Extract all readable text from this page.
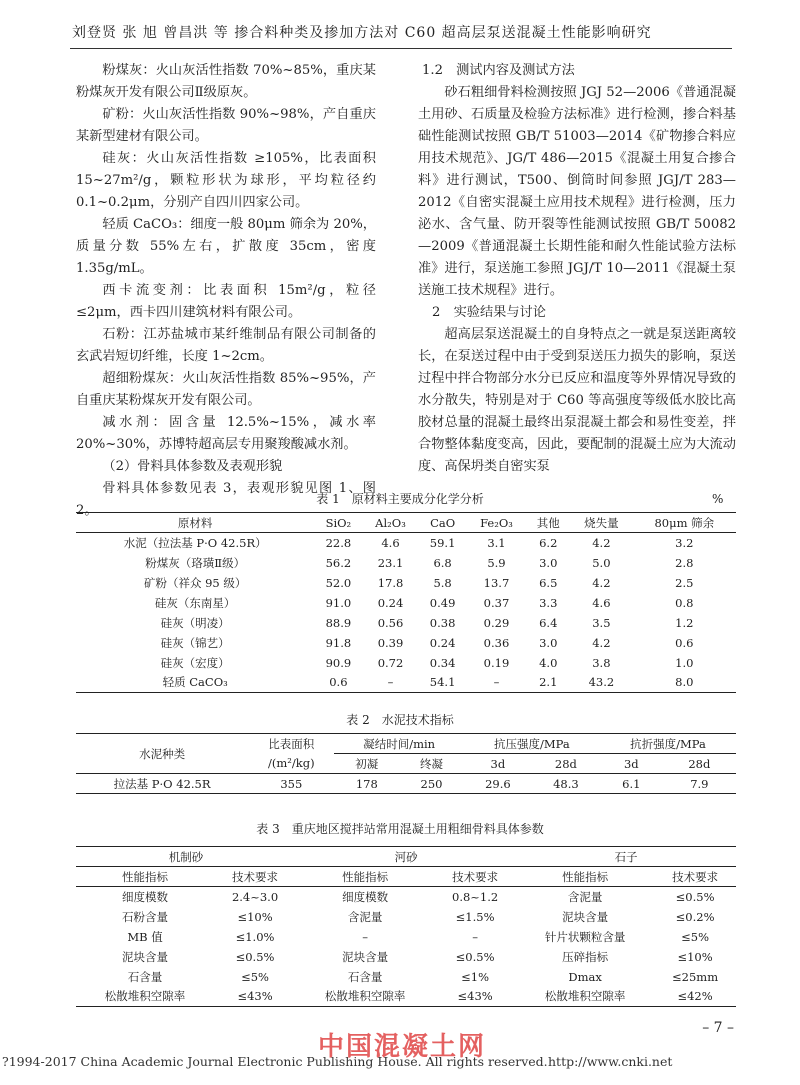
刘登贤 张 旭 曾昌洪 等 掺合料种类及掺加方法对 C60 超高层泵送混凝土性能影响研究

粉煤灰：火山灰活性指数 70%~85%，重庆某粉煤灰开发有限公司Ⅱ级原灰。

矿粉：火山灰活性指数 90%~98%，产自重庆某新型建材有限公司。

硅灰：火山灰活性指数 ≥105%，比表面积 15~27m²/g，颗粒形状为球形，平均粒径约 0.1~0.2μm，分别产自四川四家公司。

轻质 CaCO₃：细度一般 80μm 筛余为 20%，质量分数 55%左右，扩散度 35cm，密度 1.35g/mL。

西卡流变剂：比表面积 15m²/g，粒径≤2μm，西卡四川建筑材料有限公司。

石粉：江苏盐城市某纤维制品有限公司制备的玄武岩短切纤维，长度 1~2cm。

超细粉煤灰：火山灰活性指数 85%~95%，产自重庆某粉煤灰开发有限公司。

减水剂：固含量 12.5%~15%，减水率 20%~30%，苏博特超高层专用聚羧酸减水剂。

（2）骨料具体参数及表观形貌

骨料具体参数见表 3，表观形貌见图 1、图 2。

1.2　测试内容及测试方法

砂石粗细骨料检测按照 JGJ 52—2006《普通混凝土用砂、石质量及检验方法标准》进行检测，掺合料基础性能测试按照 GB/T 51003—2014《矿物掺合料应用技术规范》、JG/T 486—2015《混凝土用复合掺合料》进行测试，T500、倒筒时间参照 JGJ/T 283—2012《自密实混凝土应用技术规程》进行检测，压力泌水、含气量、防开裂等性能测试按照 GB/T 50082—2009《普通混凝土长期性能和耐久性能试验方法标准》进行，泵送施工参照 JGJ/T 10—2011《混凝土泵送施工技术规程》进行。

2　实验结果与讨论

超高层泵送混凝土的自身特点之一就是泵送距离较长，在泵送过程中由于受到泵送压力损失的影响，泵送过程中拌合物部分水分已反应和温度等外界情况导致的水分散失，特别是对于 C60 等高强度等级低水胶比高胶材总量的混凝土最终出泵混凝土都会和易性变差，拌合物整体黏度变高，因此，要配制的混凝土应为大流动度、高保坍类自密实泵

表 1　原材料主要成分化学分析	%
原材料	SiO₂	Al₂O₃	CaO	Fe₂O₃	其他	烧失量	80μm 筛余
水泥（拉法基 P·O 42.5R）	22.8	4.6	59.1	3.1	6.2	4.2	3.2
粉煤灰（珞璜Ⅱ级）	56.2	23.1	6.8	5.9	3.0	5.0	2.8
矿粉（祥众 95 级）	52.0	17.8	5.8	13.7	6.5	4.2	2.5
硅灰（东南星）	91.0	0.24	0.49	0.37	3.3	4.6	0.8
硅灰（明凌）	88.9	0.56	0.38	0.29	6.4	3.5	1.2
硅灰（锦艺）	91.8	0.39	0.24	0.36	3.0	4.2	0.6
硅灰（宏度）	90.9	0.72	0.34	0.19	4.0	3.8	1.0
轻质 CaCO₃	0.6	–	54.1	–	2.1	43.2	8.0
表 2　水泥技术指标
水泥种类	比表面积	凝结时间/min		抗压强度/MPa		抗折强度/MPa	
	/(m²/kg)	初凝	终凝	3d	28d	3d	28d
拉法基 P·O 42.5R	355	178	250	29.6	48.3	6.1	7.9
表 3　重庆地区搅拌站常用混凝土用粗细骨料具体参数
机制砂		河砂		石子	
性能指标	技术要求	性能指标	技术要求	性能指标	技术要求
细度模数	2.4~3.0	细度模数	0.8~1.2	含泥量	≤0.5%
石粉含量	≤10%	含泥量	≤1.5%	泥块含量	≤0.2%
MB 值	≤1.0%	–	–	针片状颗粒含量	≤5%
泥块含量	≤0.5%	泥块含量	≤0.5%	压碎指标	≤10%
石含量	≤5%	石含量	≤1%	Dmax	≤25mm
松散堆积空隙率	≤43%	松散堆积空隙率	≤43%	松散堆积空隙率	≤42%
– 7 –
中国混凝土网
?1994-2017 China Academic Journal Electronic Publishing House. All rights reserved. http://www.cnki.net
